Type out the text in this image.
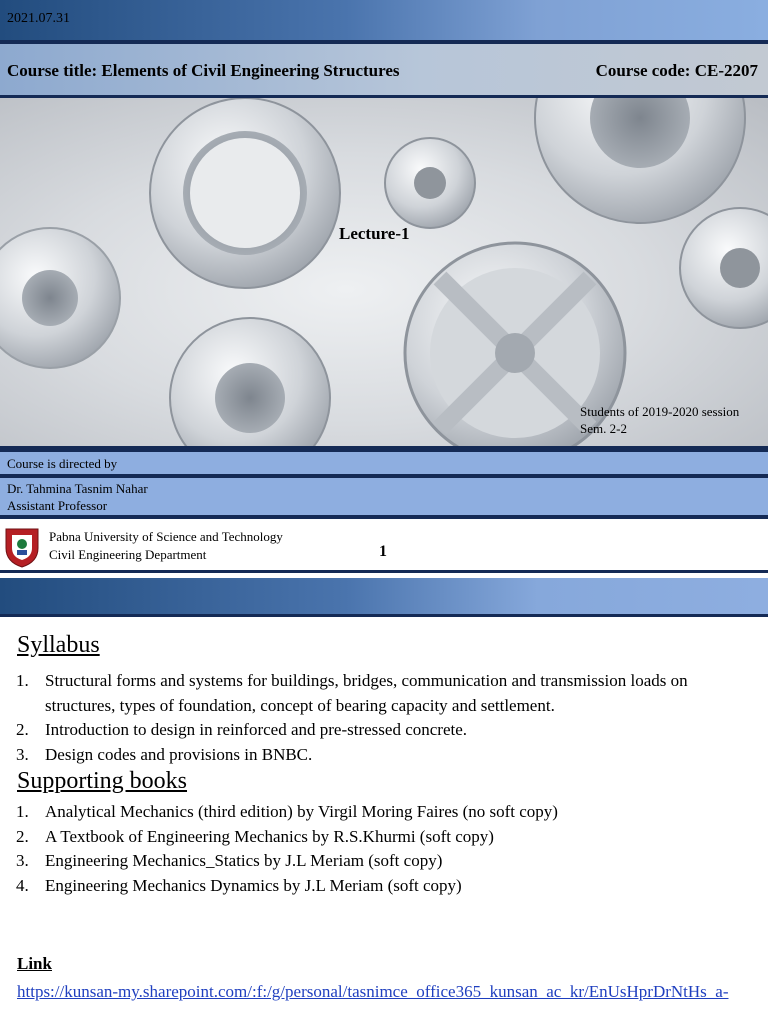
2021.07.31
Course title: Elements of Civil Engineering Structures	Course code: CE-2207
Lecture-1
Students of 2019-2020 session
Sem. 2-2
Course is directed by
Dr. Tahmina Tasnim Nahar
Assistant Professor
Pabna University of Science and Technology
Civil Engineering Department	1
Syllabus
1. Structural forms and systems for buildings, bridges, communication and transmission loads on structures, types of foundation, concept of bearing capacity and settlement.
2. Introduction to design in reinforced and pre-stressed concrete.
3. Design codes and provisions in BNBC.
Supporting books
1. Analytical Mechanics (third edition) by Virgil Moring Faires (no soft copy)
2. A Textbook of Engineering Mechanics by R.S.Khurmi (soft copy)
3. Engineering Mechanics_Statics by J.L Meriam (soft copy)
4. Engineering Mechanics Dynamics by J.L Meriam (soft copy)
Link
https://kunsan-my.sharepoint.com/:f:/g/personal/tasnimce_office365_kunsan_ac_kr/EnUsHprDrNtHs_a-
